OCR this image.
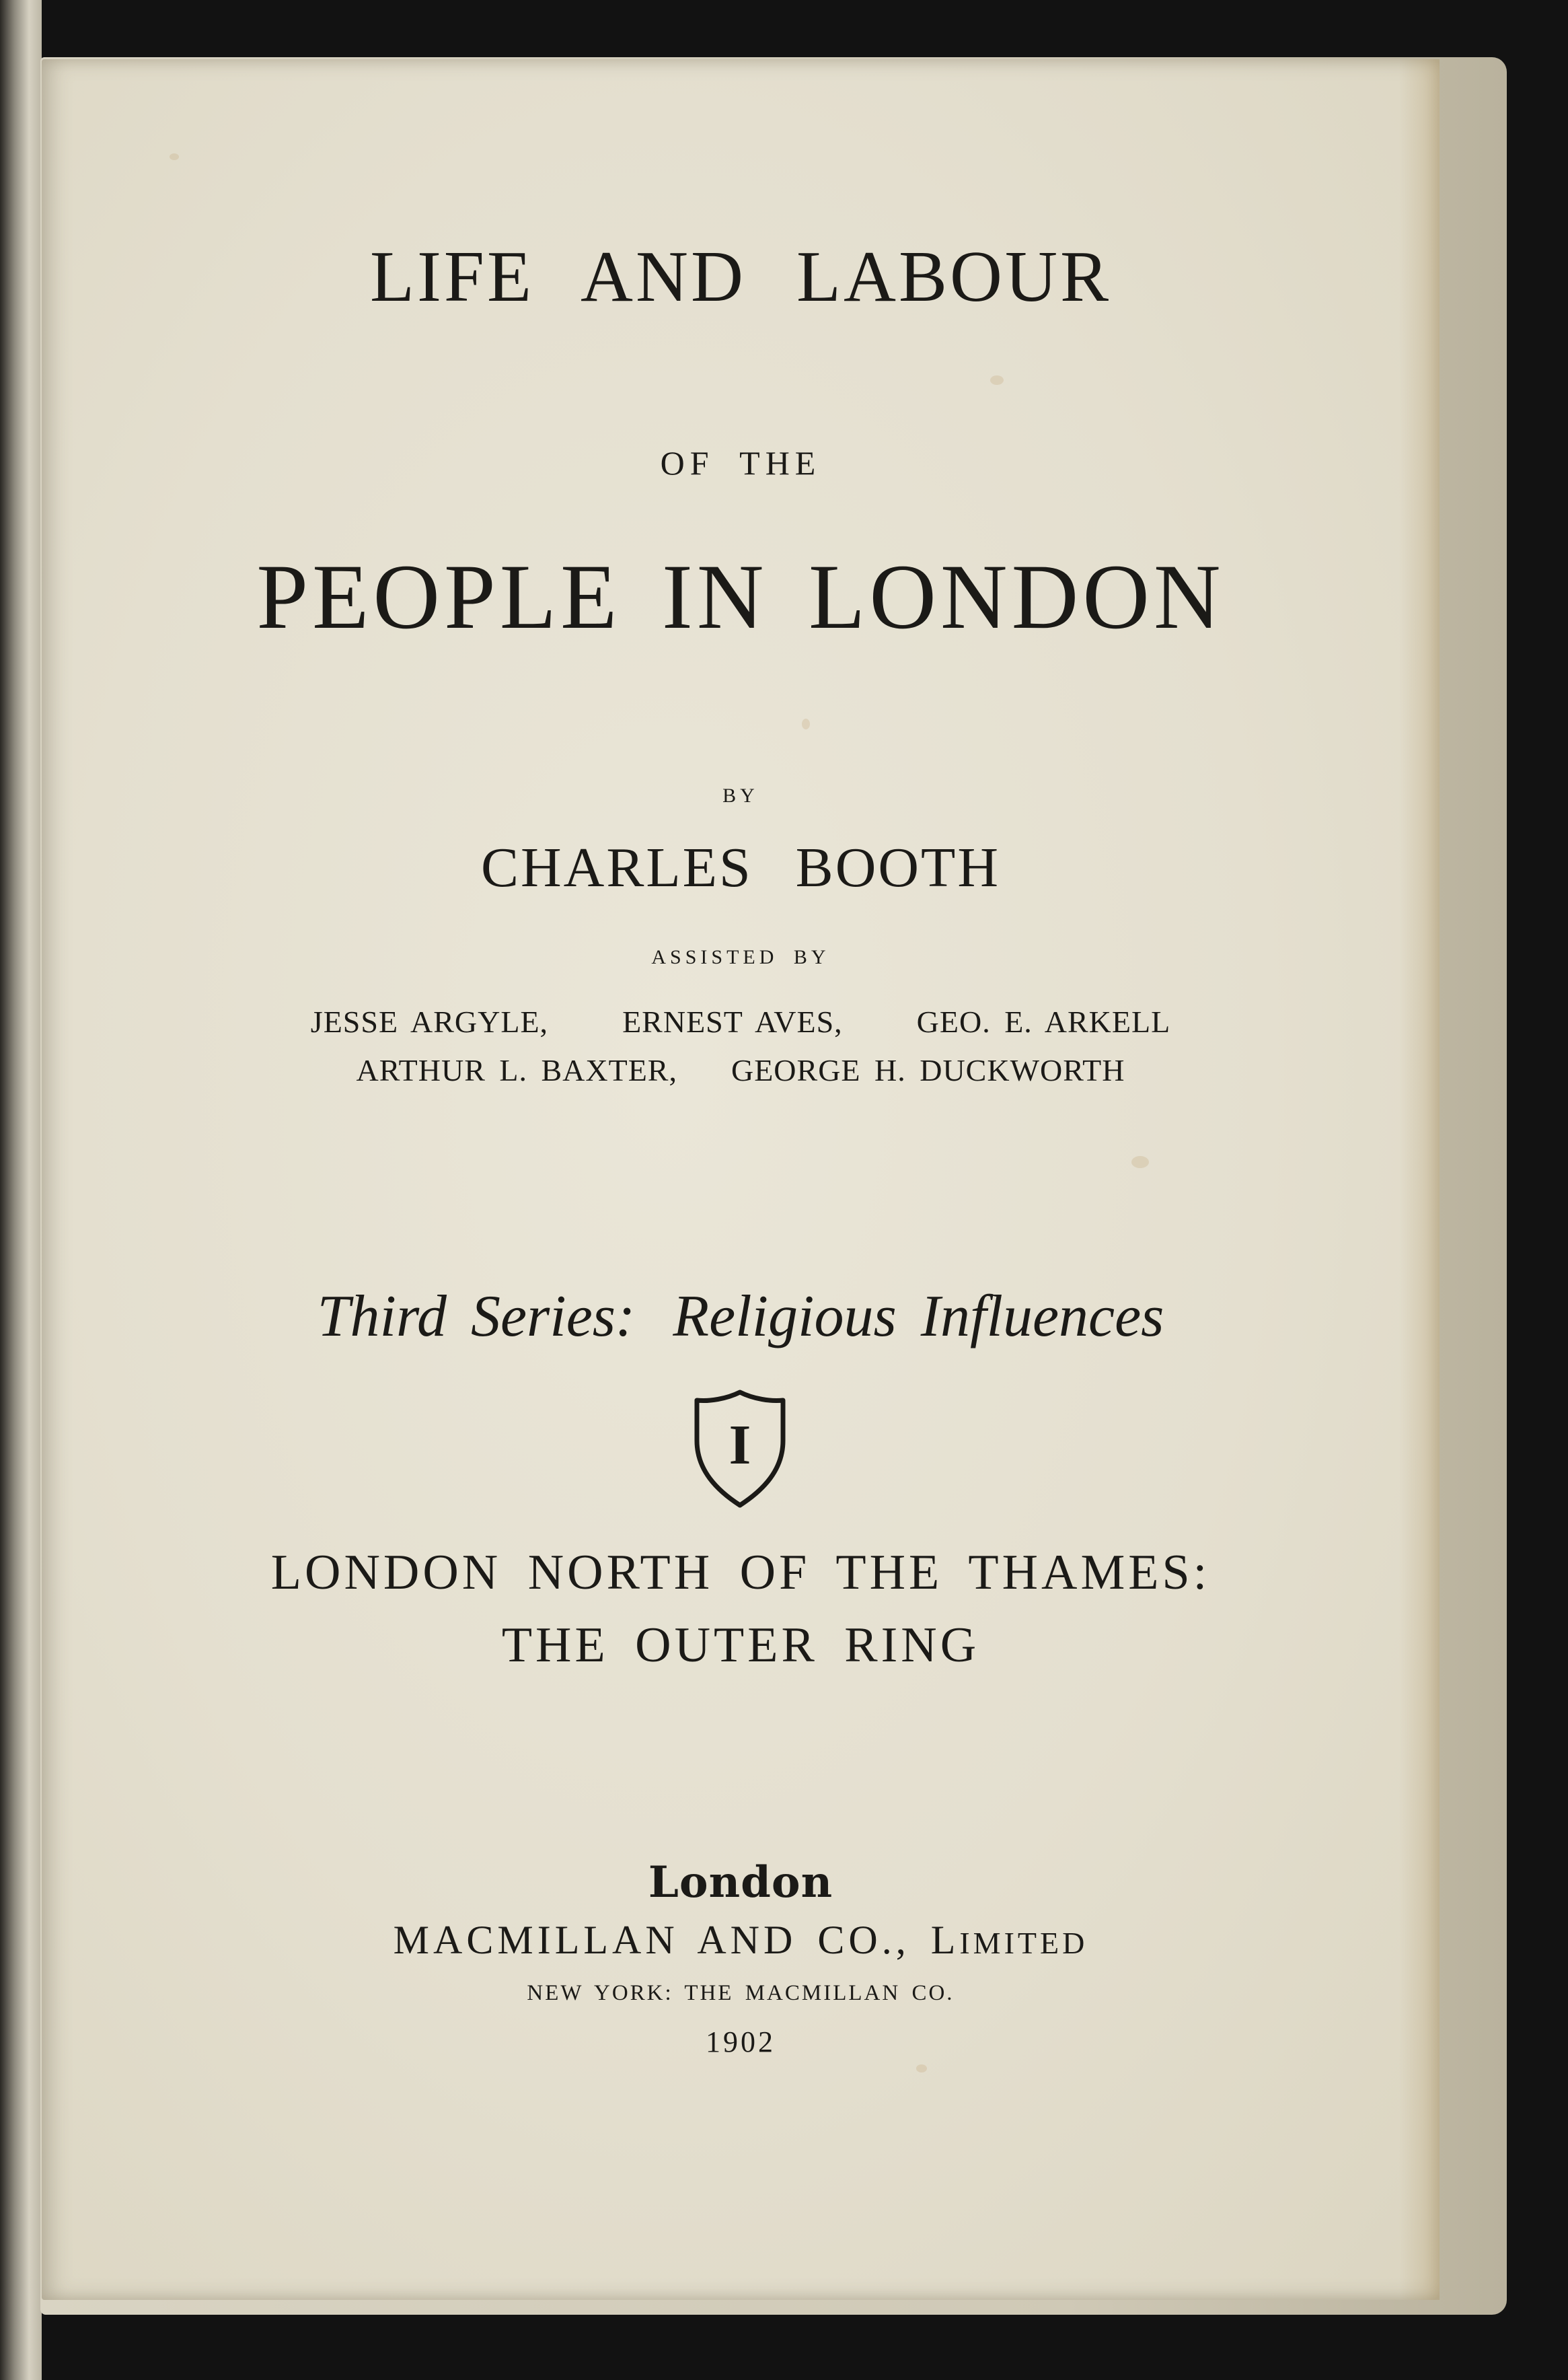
LIFE AND LABOUR
OF THE
PEOPLE IN LONDON
BY
CHARLES BOOTH
ASSISTED BY
JESSE ARGYLE, ERNEST AVES, GEO. E. ARKELL
ARTHUR L. BAXTER, GEORGE H. DUCKWORTH
Third Series: Religious Influences
I
LONDON NORTH OF THE THAMES:
THE OUTER RING
London
MACMILLAN AND CO., LIMITED
NEW YORK: THE MACMILLAN CO.
1902
